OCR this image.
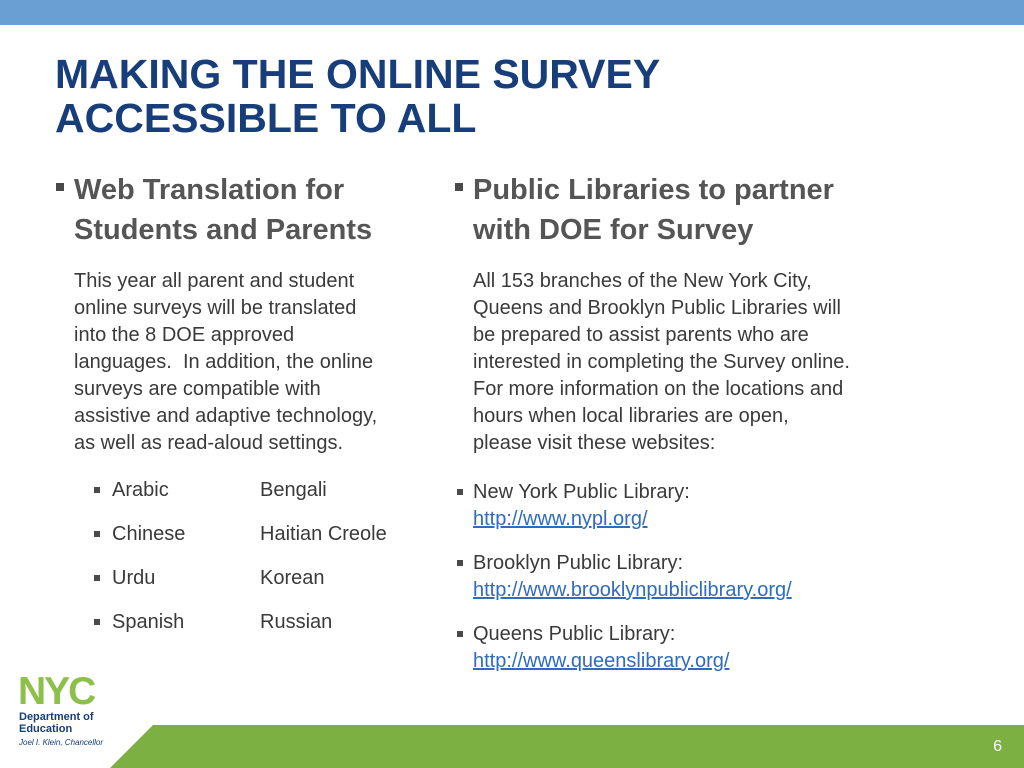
MAKING THE ONLINE SURVEY
ACCESSIBLE TO ALL
Web Translation for
Students and Parents
This year all parent and student
online surveys will be translated
into the 8 DOE approved
languages.  In addition, the online
surveys are compatible with
assistive and adaptive technology,
as well as read-aloud settings.
Arabic	Bengali
Chinese	Haitian Creole
Urdu	Korean
Spanish	Russian
Public Libraries to partner
with DOE for Survey
All 153 branches of the New York City,
Queens and Brooklyn Public Libraries will
be prepared to assist parents who are
interested in completing the Survey online.
For more information on the locations and
hours when local libraries are open,
please visit these websites:
New York Public Library:
http://www.nypl.org/
Brooklyn Public Library:
http://www.brooklynpubliclibrary.org/
Queens Public Library:
http://www.queenslibrary.org/
6
NYC
Department of
Education
Joel I. Klein, Chancellor
